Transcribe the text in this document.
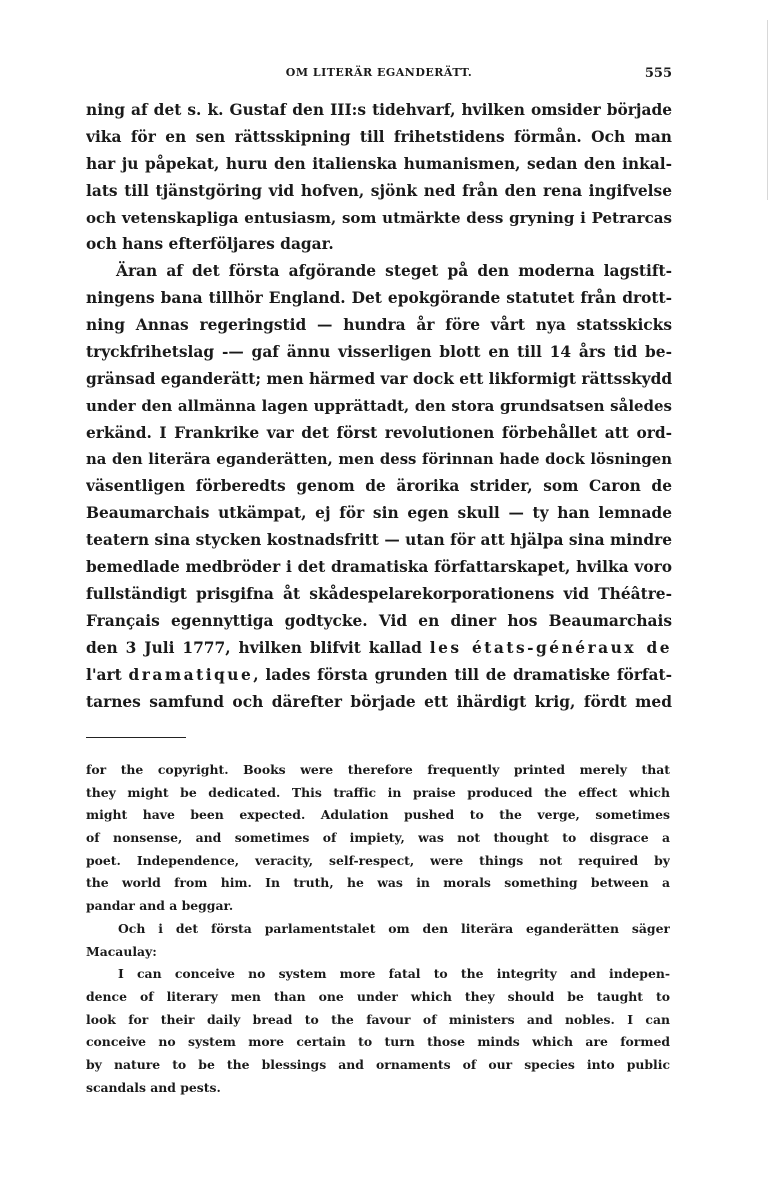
OM LITERÄR EGANDERÄTT.	555
ning af det s. k. Gustaf den III:s tidehvarf, hvilken omsider började
vika för en sen rättsskipning till frihetstidens förmån. Och man
har ju påpekat, huru den italienska humanismen, sedan den inkal-
lats till tjänstgöring vid hofven, sjönk ned från den rena ingifvelse
och vetenskapliga entusiasm, som utmärkte dess gryning i Petrarcas
och hans efterföljares dagar.
Äran af det första afgörande steget på den moderna lagstift-
ningens bana tillhör England. Det epokgörande statutet från drott-
ning Annas regeringstid — hundra år före vårt nya statsskicks
tryckfrihetslag -— gaf ännu visserligen blott en till 14 års tid be-
gränsad eganderätt; men härmed var dock ett likformigt rättsskydd
under den allmänna lagen upprättadt, den stora grundsatsen således
erkänd. I Frankrike var det först revolutionen förbehållet att ord-
na den literära eganderätten, men dess förinnan hade dock lösningen
väsentligen förberedts genom de ärorika strider, som Caron de
Beaumarchais utkämpat, ej för sin egen skull — ty han lemnade
teatern sina stycken kostnadsfritt — utan för att hjälpa sina mindre
bemedlade medbröder i det dramatiska författarskapet, hvilka voro
fullständigt prisgifna åt skådespelarekorporationens vid Théâtre-
Français egennyttiga godtycke. Vid en diner hos Beaumarchais
den 3 Juli 1777, hvilken blifvit kallad les états-généraux de
l'art dramatique, lades första grunden till de dramatiske förfat-
tarnes samfund och därefter började ett ihärdigt krig, fördt med
for the copyright. Books were therefore frequently printed merely that
they might be dedicated. This traffic in praise produced the effect which
might have been expected. Adulation pushed to the verge, sometimes
of nonsense, and sometimes of impiety, was not thought to disgrace a
poet. Independence, veracity, self-respect, were things not required by
the world from him. In truth, he was in morals something between a
pandar and a beggar.
Och i det första parlamentstalet om den literära eganderätten säger
Macaulay:
I can conceive no system more fatal to the integrity and indepen-
dence of literary men than one under which they should be taught to
look for their daily bread to the favour of ministers and nobles. I can
conceive no system more certain to turn those minds which are formed
by nature to be the blessings and ornaments of our species into public
scandals and pests.
